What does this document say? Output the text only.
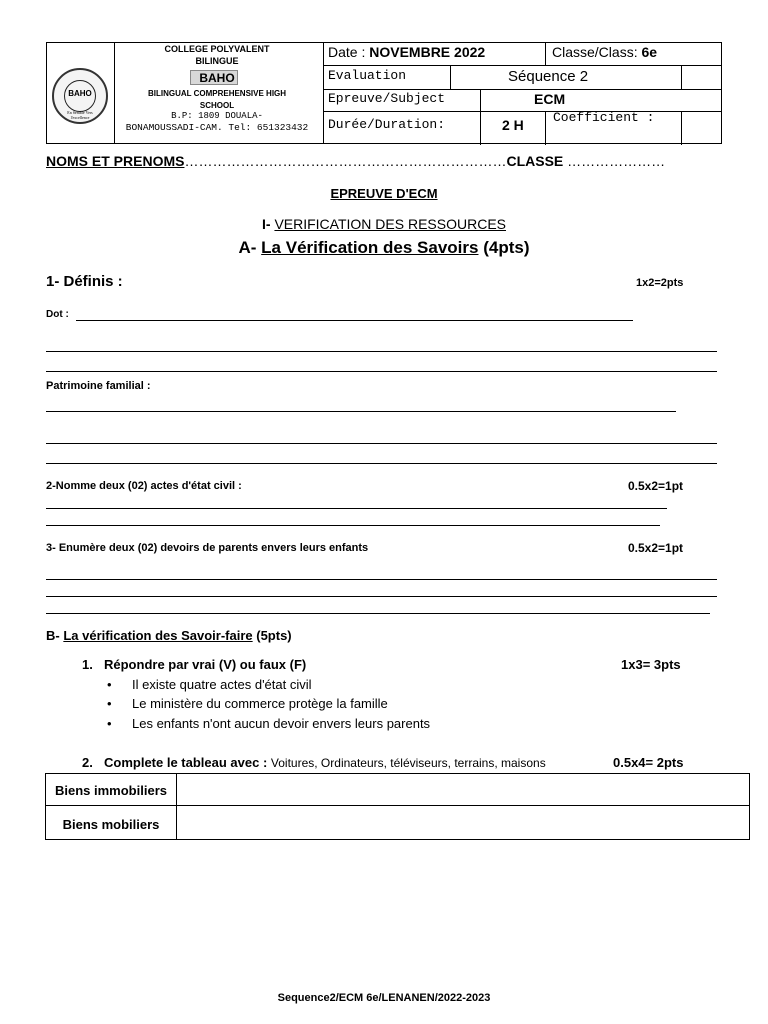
BAHO
En Semble Vers l'excellence
COLLEGE POLYVALENT
BILINGUE
BAHO
BILINGUAL COMPREHENSIVE HIGH
SCHOOL
B.P: 1809 DOUALA-
BONAMOUSSADI-CAM. Tel: 651323432
Date : NOVEMBRE 2022	Classe/Class: 6e
Evaluation	Séquence 2
Epreuve/Subject	ECM
Durée/Duration:	2 H Coefficient :
NOMS ET PRENOMS……………………………………………………………CLASSE …………………
EPREUVE D'ECM
I- VERIFICATION DES RESSOURCES
A- La Vérification des Savoirs (4pts)
1- Définis :	1x2=2pts
Dot :
Patrimoine familial :
2-Nomme deux (02) actes d'état civil :	0.5x2=1pt
3- Enumère deux (02) devoirs de parents envers leurs enfants	0.5x2=1pt
B- La vérification des Savoir-faire (5pts)
1. Répondre par vrai (V) ou faux (F)	1x3= 3pts
• Il existe quatre actes d'état civil
• Le ministère du commerce protège la famille
• Les enfants n'ont aucun devoir envers leurs parents
2. Complete le tableau avec : Voitures, Ordinateurs, téléviseurs, terrains, maisons	0.5x4= 2pts
Biens immobiliers
Biens mobiliers
Sequence2/ECM 6e/LENANEN/2022-2023
